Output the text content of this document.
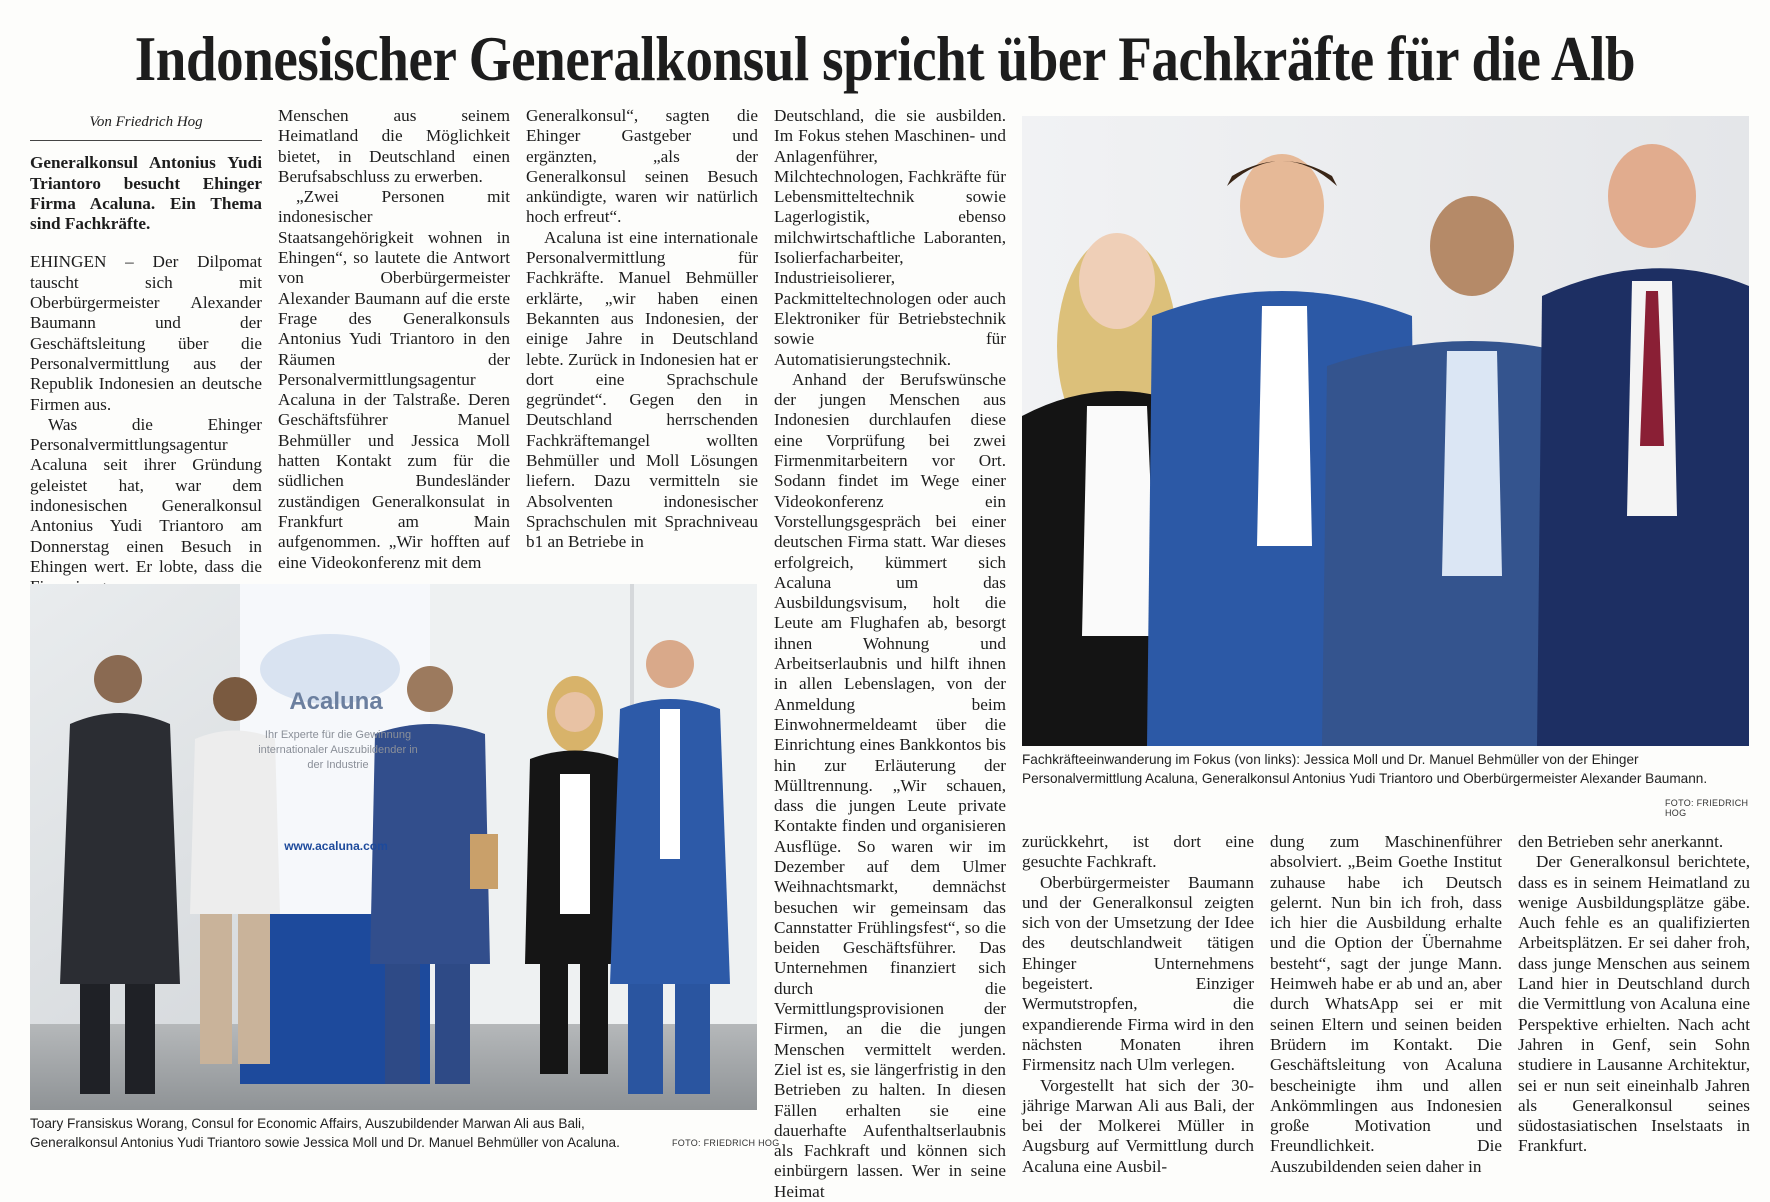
Indonesischer Generalkonsul spricht über Fachkräfte für die Alb
Von Friedrich Hog

Generalkonsul Antonius Yudi Triantoro besucht Ehinger Firma Acaluna. Ein Thema sind Fachkräfte.

EHINGEN – Der Dilpomat tauscht sich mit Oberbürgermeister Alexander Baumann und der Geschäftsleitung über die Personalvermittlung aus der Republik Indonesien an deutsche Firmen aus.

Was die Ehinger Personalvermittlungsagentur Acaluna seit ihrer Gründung geleistet hat, war dem indonesischen Generalkonsul Antonius Yudi Triantoro am Donnerstag einen Besuch in Ehingen wert. Er lobte, dass die

Menschen aus seinem Heimatland die Möglichkeit bietet, in Deutschland einen Berufsabschluss zu erwerben.

„Zwei Personen mit indonesischer Staatsangehörigkeit wohnen in Ehingen“, so lautete die Antwort von Oberbürgermeister Alexander Baumann auf die erste Frage des Generalkonsuls Antonius Yudi Triantoro in den Räumen der Personalvermittlungsagentur Acaluna in der Talstraße. Deren Geschäftsführer Manuel Behmüller und Jessica Moll hatten Kontakt zum für die südlichen Bundesländer zuständigen Generalkonsulat in Frankfurt am Main aufgenommen. „Wir hofften auf eine Videokonferenz mit dem

Generalkonsul“, sagten die Ehinger Gastgeber und ergänzten, „als der Generalkonsul seinen Besuch ankündigte, waren wir natürlich hoch erfreut“.

Acaluna ist eine internationale Personalvermittlung für Fachkräfte. Manuel Behmüller erklärte, „wir haben einen Bekannten aus Indonesien, der einige Jahre in Deutschland lebte. Zurück in Indonesien hat er dort eine Sprachschule gegründet“. Gegen den in Deutschland herrschenden Fachkräftemangel wollten Behmüller und Moll Lösungen liefern. Dazu vermitteln sie Absolventen indonesischer Sprachschulen mit Sprachniveau b1 an Betriebe in

Deutschland, die sie ausbilden. Im Fokus stehen Maschinen- und Anlagenführer, Milchtechnologen, Fachkräfte für Lebensmitteltechnik sowie Lagerlogistik, ebenso milchwirtschaftliche Laboranten, Isolierfacharbeiter, Industrieisolierer, Packmitteltechnologen oder auch Elektroniker für Betriebstechnik sowie für Automatisierungstechnik.

Anhand der Berufswünsche der jungen Menschen aus Indonesien durchlaufen diese eine Vorprüfung bei zwei Firmenmitarbeitern vor Ort. Sodann findet im Wege einer Videokonferenz ein Vorstellungsgespräch bei einer deutschen Firma statt. War dieses erfolgreich, kümmert sich Acaluna um das Ausbildungsvisum, holt die Leute am Flughafen ab, besorgt ihnen Wohnung und Arbeitserlaubnis und hilft ihnen in allen Lebenslagen, von der Anmeldung beim Einwohnermeldeamt über die Einrichtung eines Bankkontos bis hin zur Erläuterung der Mülltrennung. „Wir schauen, dass die jungen Leute private Kontakte finden und organisieren Ausflüge. So waren wir im Dezember auf dem Ulmer Weihnachtsmarkt, demnächst besuchen wir gemeinsam das Cannstatter Frühlingsfest“, so die beiden Geschäftsführer. Das Unternehmen finanziert sich durch die Vermittlungsprovisionen der Firmen, an die die jungen Menschen vermittelt werden. Ziel ist es, sie längerfristig in den Betrieben zu halten. In diesen Fällen erhalten sie eine dauerhafte Aufenthaltserlaubnis als Fachkraft und können sich einbürgern lassen. Wer in seine Heimat

zurückkehrt, ist dort eine gesuchte Fachkraft.

Oberbürgermeister Baumann und der Generalkonsul zeigten sich von der Umsetzung der Idee des deutschlandweit tätigen Ehinger Unternehmens begeistert. Einziger Wermutstropfen, die expandierende Firma wird in den nächsten Monaten ihren Firmensitz nach Ulm verlegen.

Vorgestellt hat sich der 30-jährige Marwan Ali aus Bali, der bei der Molkerei Müller in Augsburg auf Vermittlung durch Acaluna eine Ausbil-

dung zum Maschinenführer absolviert. „Beim Goethe Institut zuhause habe ich Deutsch gelernt. Nun bin ich froh, dass ich hier die Ausbildung erhalte und die Option der Übernahme besteht“, sagt der junge Mann. Heimweh habe er ab und an, aber durch WhatsApp sei er mit seinen Eltern und seinen beiden Brüdern im Kontakt. Die Geschäftsleitung von Acaluna bescheinigte ihm und allen Ankömmlingen aus Indonesien große Motivation und Freundlichkeit. Die Auszubildenden seien daher in

den Betrieben sehr anerkannt.

Der Generalkonsul berichtete, dass es in seinem Heimatland zu wenige Ausbildungsplätze gäbe. Auch fehle es an qualifizierten Arbeitsplätzen. Er sei daher froh, dass junge Menschen aus seinem Land hier in Deutschland durch die Vermittlung von Acaluna eine Perspektive erhielten. Nach acht Jahren in Genf, sein Sohn studiere in Lausanne Architektur, sei er nun seit eineinhalb Jahren als Generalkonsul seines südostasiatischen Inselstaats in Frankfurt.

Acaluna
Ihr Experte für die Gewinnung internationaler Auszubildender in der Industrie
www.acaluna.com
Toary Fransiskus Worang, Consul for Economic Affairs, Auszubildender Marwan Ali aus Bali, Generalkonsul Antonius Yudi Triantoro sowie Jessica Moll und Dr. Manuel Behmüller von Acaluna.	FOTO: FRIEDRICH HOG
Fachkräfteeinwanderung im Fokus (von links): Jessica Moll und Dr. Manuel Behmüller von der Ehinger Personalvermittlung Acaluna, Generalkonsul Antonius Yudi Triantoro und Oberbürgermeister Alexander Baumann.
FOTO: FRIEDRICH HOG
